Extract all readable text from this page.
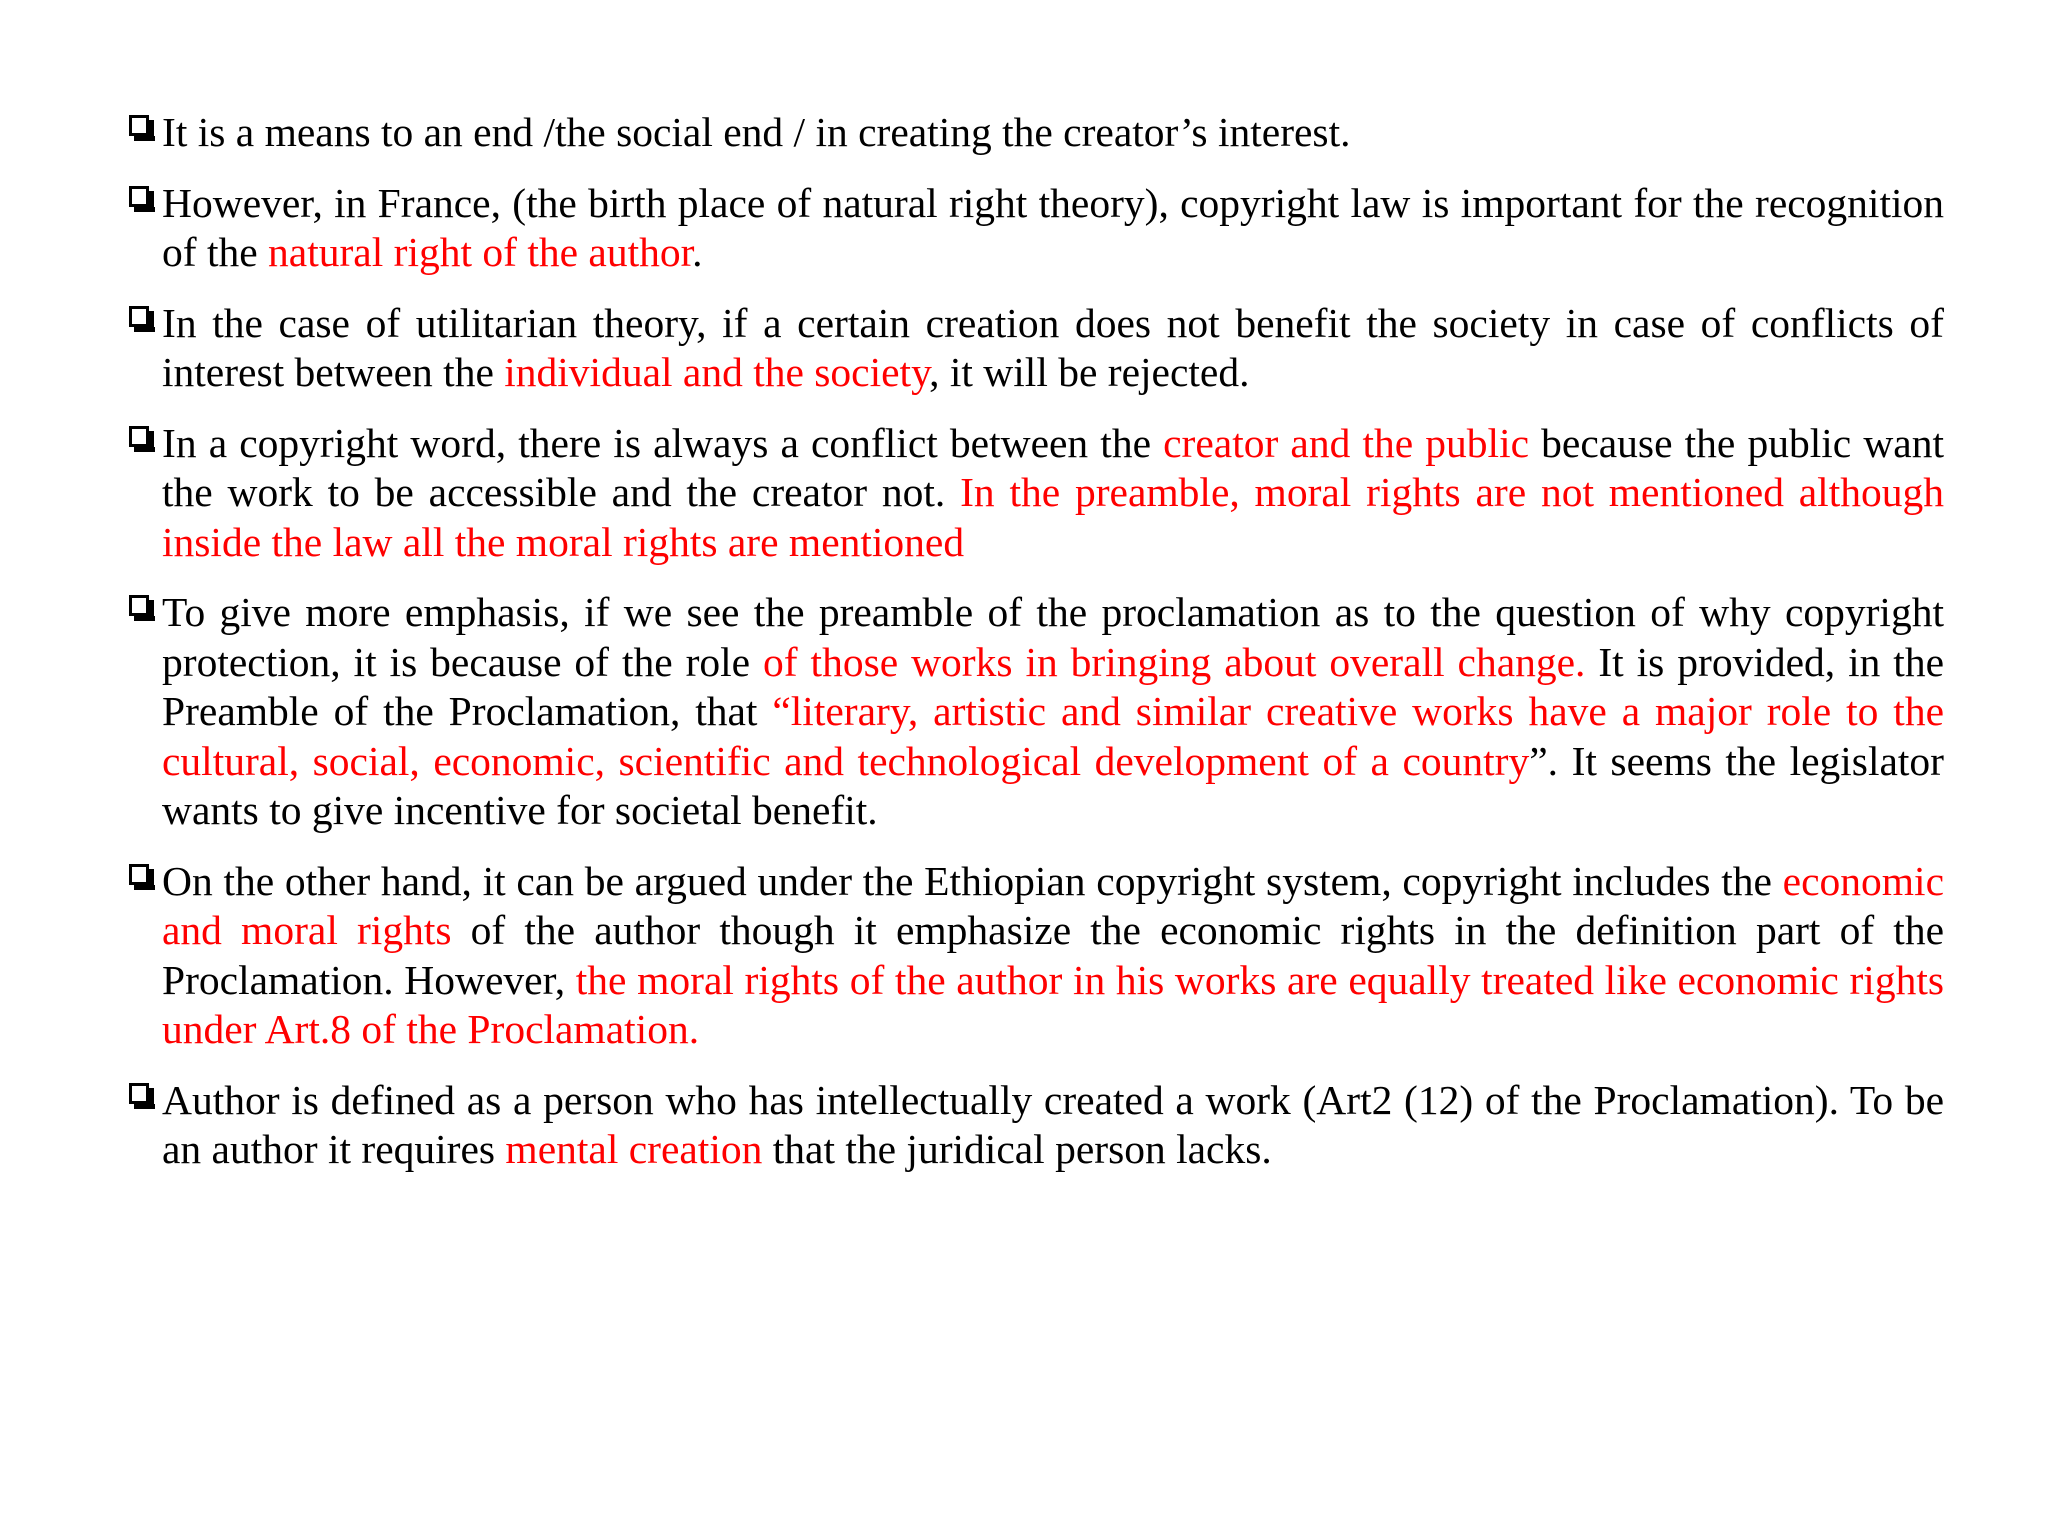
It is a means to an end /the social end / in creating the creator’s interest.
However, in France, (the birth place of natural right theory), copyright law is important for the recognition of the natural right of the author.
In the case of utilitarian theory, if a certain creation does not benefit the society in case of conflicts of interest between the individual and the society, it will be rejected.
In a copyright word, there is always a conflict between the creator and the public because the public want the work to be accessible and the creator not. In the preamble, moral rights are not mentioned although inside the law all the moral rights are mentioned
To give more emphasis, if we see the preamble of the proclamation as to the question of why copyright protection, it is because of the role of those works in bringing about overall change. It is provided, in the Preamble of the Proclamation, that “literary, artistic and similar creative works have a major role to the cultural, social, economic, scientific and technological development of a country”. It seems the legislator wants to give incentive for societal benefit.
On the other hand, it can be argued under the Ethiopian copyright system, copyright includes the economic and moral rights of the author though it emphasize the economic rights in the definition part of the Proclamation. However, the moral rights of the author in his works are equally treated like economic rights under Art.8 of the Proclamation.
Author is defined as a person who has intellectually created a work (Art2 (12) of the Proclamation). To be an author it requires mental creation that the juridical person lacks.
